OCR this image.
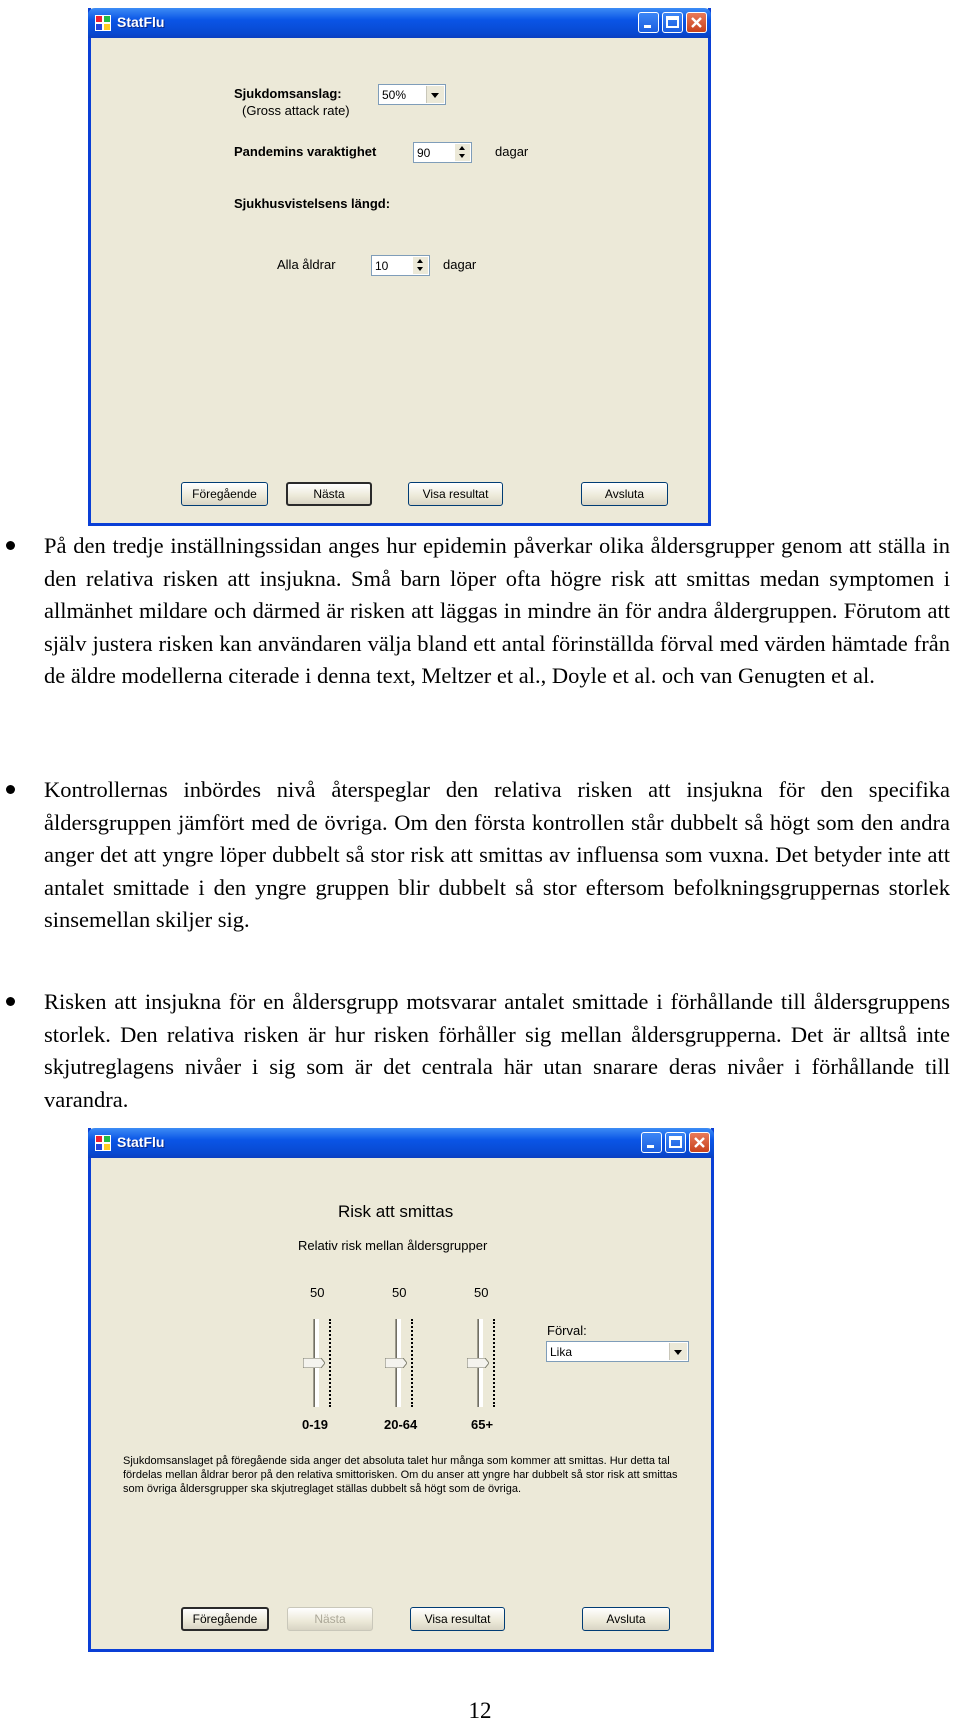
StatFlu
Sjukdomsanslag:
(Gross attack rate)
50%
Pandemins varaktighet	90	dagar
Sjukhusvistelsens längd:
Alla åldrar	10	dagar
Föregående	Nästa	Visa resultat	Avsluta
På den tredje inställningssidan anges hur epidemin påverkar olika åldersgrupper genom att ställa in den relativa risken att insjukna. Små barn löper ofta högre risk att smittas medan symptomen i allmänhet mildare och därmed är risken att läggas in mindre än för andra åldergruppen. Förutom att själv justera risken kan användaren välja bland ett antal förinställda förval med värden hämtade från de äldre modellerna citerade i denna text, Meltzer et al., Doyle et al. och van Genugten et al.
Kontrollernas inbördes nivå återspeglar den relativa risken att insjukna för den specifika åldersgruppen jämfört med de övriga. Om den första kontrollen står dubbelt så högt som den andra anger det att yngre löper dubbelt så stor risk att smittas av influensa som vuxna. Det betyder inte att antalet smittade i den yngre gruppen blir dubbelt så stor eftersom befolkningsgruppernas storlek sinsemellan skiljer sig.
Risken att insjukna för en åldersgrupp motsvarar antalet smittade i förhållande till åldersgruppens storlek. Den relativa risken är hur risken förhåller sig mellan åldersgrupperna. Det är alltså inte skjutreglagens nivåer i sig som är det centrala här utan snarare deras nivåer i förhållande till varandra.
StatFlu
Risk att smittas
Relativ risk mellan åldersgrupper
50
0-19
50
20-64
50
65+
Förval:
Lika
Sjukdomsanslaget på föregående sida anger det absoluta talet hur många som kommer att smittas. Hur detta tal fördelas mellan åldrar beror på den relativa smittorisken. Om du anser att yngre har dubbelt så stor risk att smittas som övriga åldersgrupper ska skjutreglaget ställas dubbelt så högt som de övriga.
Föregående	Nästa	Visa resultat	Avsluta
12
